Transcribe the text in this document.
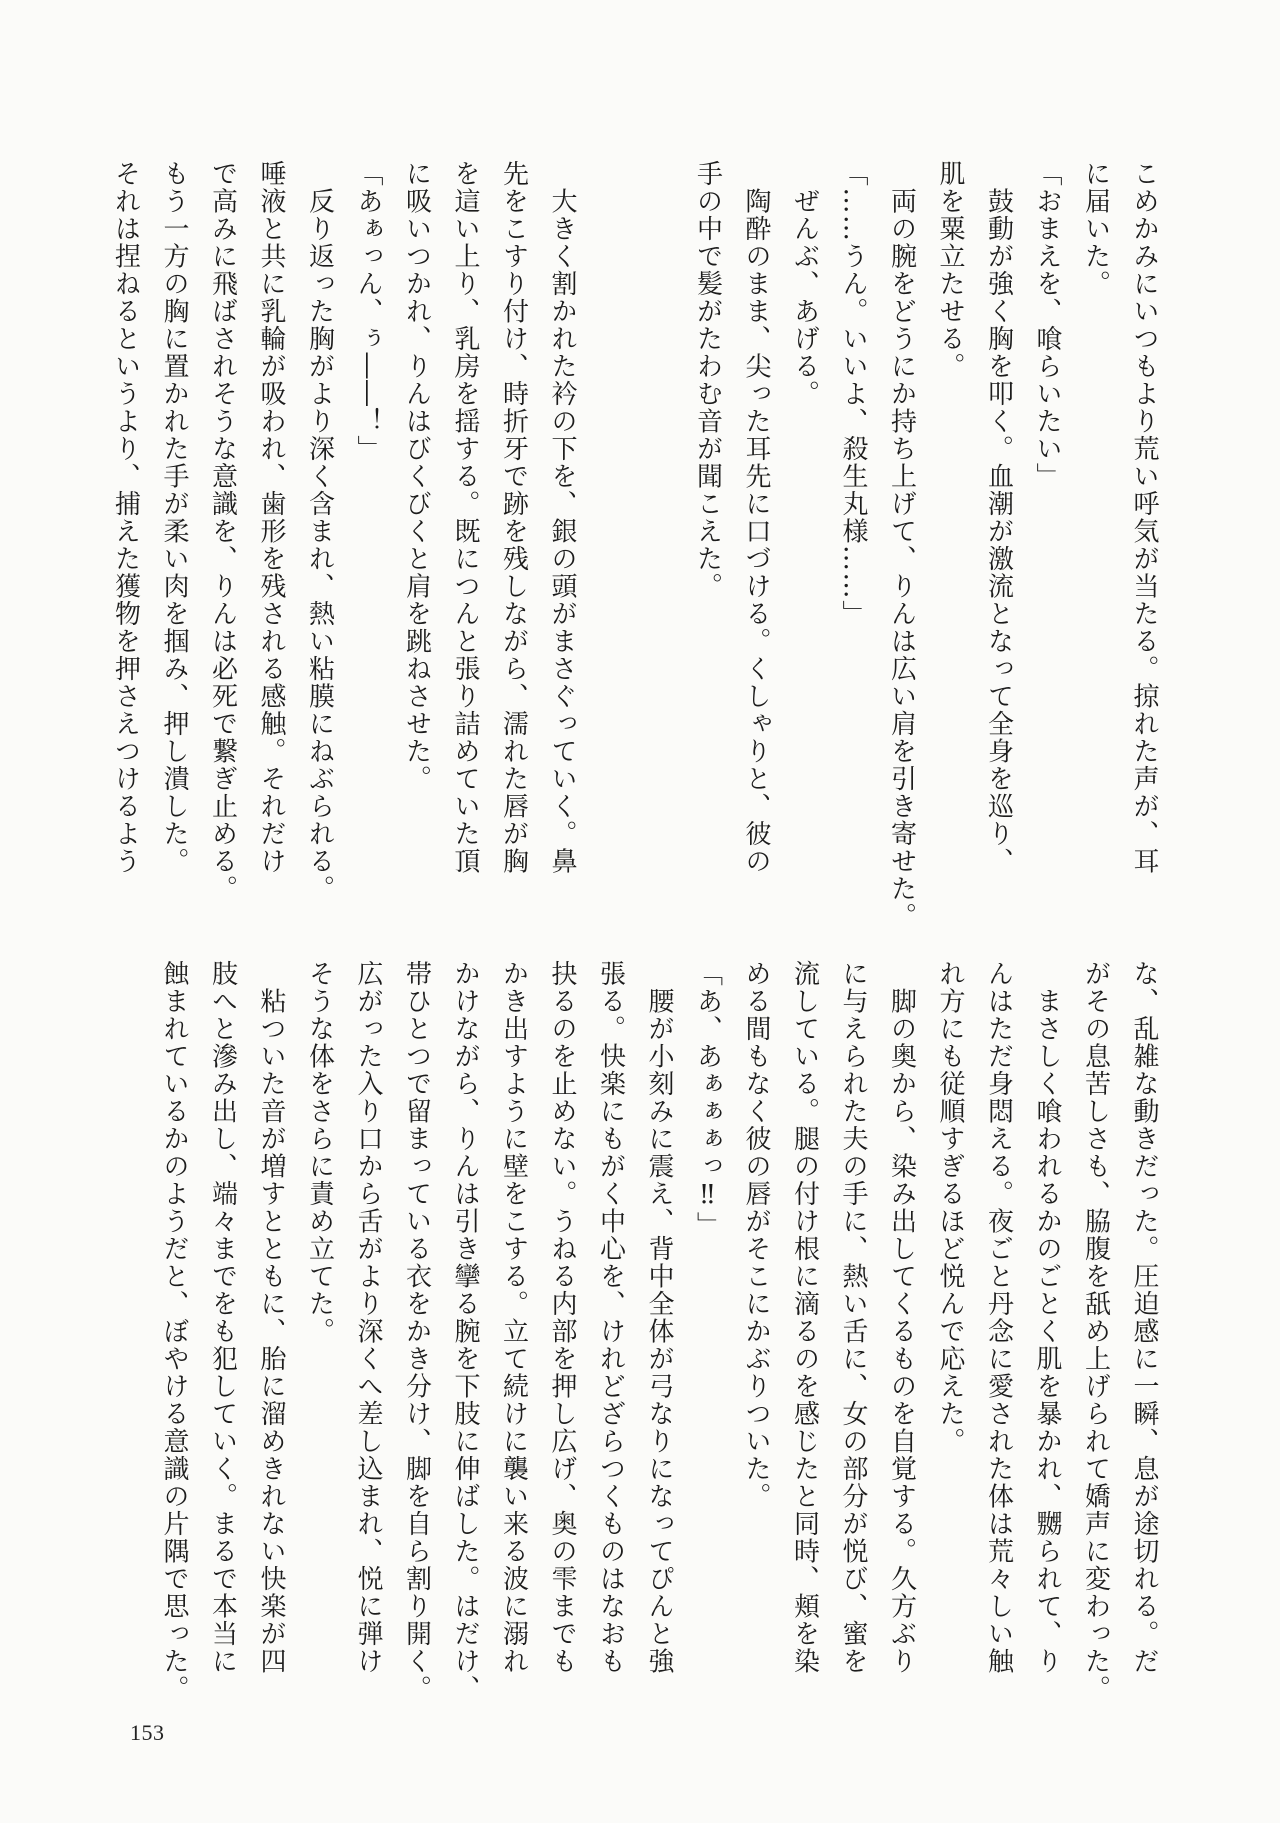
こめかみにいつもより荒い呼気が当たる。掠れた声が、耳
に届いた。
「おまえを、喰らいたい」
　鼓動が強く胸を叩く。血潮が激流となって全身を巡り、
肌を粟立たせる。
　両の腕をどうにか持ち上げて、りんは広い肩を引き寄せた。
「……うん。いいよ、殺生丸様……」
　ぜんぶ、あげる。
　陶酔のまま、尖った耳先に口づける。くしゃりと、彼の
手の中で髪がたわむ音が聞こえた。
　大きく割かれた衿の下を、銀の頭がまさぐっていく。鼻
先をこすり付け、時折牙で跡を残しながら、濡れた唇が胸
を這い上り、乳房を揺する。既につんと張り詰めていた頂
に吸いつかれ、りんはびくびくと肩を跳ねさせた。
「あぁっん、ぅ――！」
　反り返った胸がより深く含まれ、熱い粘膜にねぶられる。
唾液と共に乳輪が吸われ、歯形を残される感触。それだけ
で高みに飛ばされそうな意識を、りんは必死で繋ぎ止める。
もう一方の胸に置かれた手が柔い肉を掴み、押し潰した。
それは捏ねるというより、捕えた獲物を押さえつけるよう
な、乱雑な動きだった。圧迫感に一瞬、息が途切れる。だ
がその息苦しさも、脇腹を舐め上げられて嬌声に変わった。
　まさしく喰われるかのごとく肌を暴かれ、嬲られて、り
んはただ身悶える。夜ごと丹念に愛された体は荒々しい触
れ方にも従順すぎるほど悦んで応えた。
　脚の奥から、染み出してくるものを自覚する。久方ぶり
に与えられた夫の手に、熱い舌に、女の部分が悦び、蜜を
流している。腿の付け根に滴るのを感じたと同時、頬を染
める間もなく彼の唇がそこにかぶりついた。
「あ、あぁぁぁっ‼」
　腰が小刻みに震え、背中全体が弓なりになってぴんと強
張る。快楽にもがく中心を、けれどざらつくものはなおも
抉るのを止めない。うねる内部を押し広げ、奥の雫までも
かき出すように壁をこする。立て続けに襲い来る波に溺れ
かけながら、りんは引き攣る腕を下肢に伸ばした。はだけ、
帯ひとつで留まっている衣をかき分け、脚を自ら割り開く。
広がった入り口から舌がより深くへ差し込まれ、悦に弾け
そうな体をさらに責め立てた。
　粘ついた音が増すとともに、胎に溜めきれない快楽が四
肢へと滲み出し、端々までをも犯していく。まるで本当に
蝕まれているかのようだと、ぼやける意識の片隅で思った。
153
